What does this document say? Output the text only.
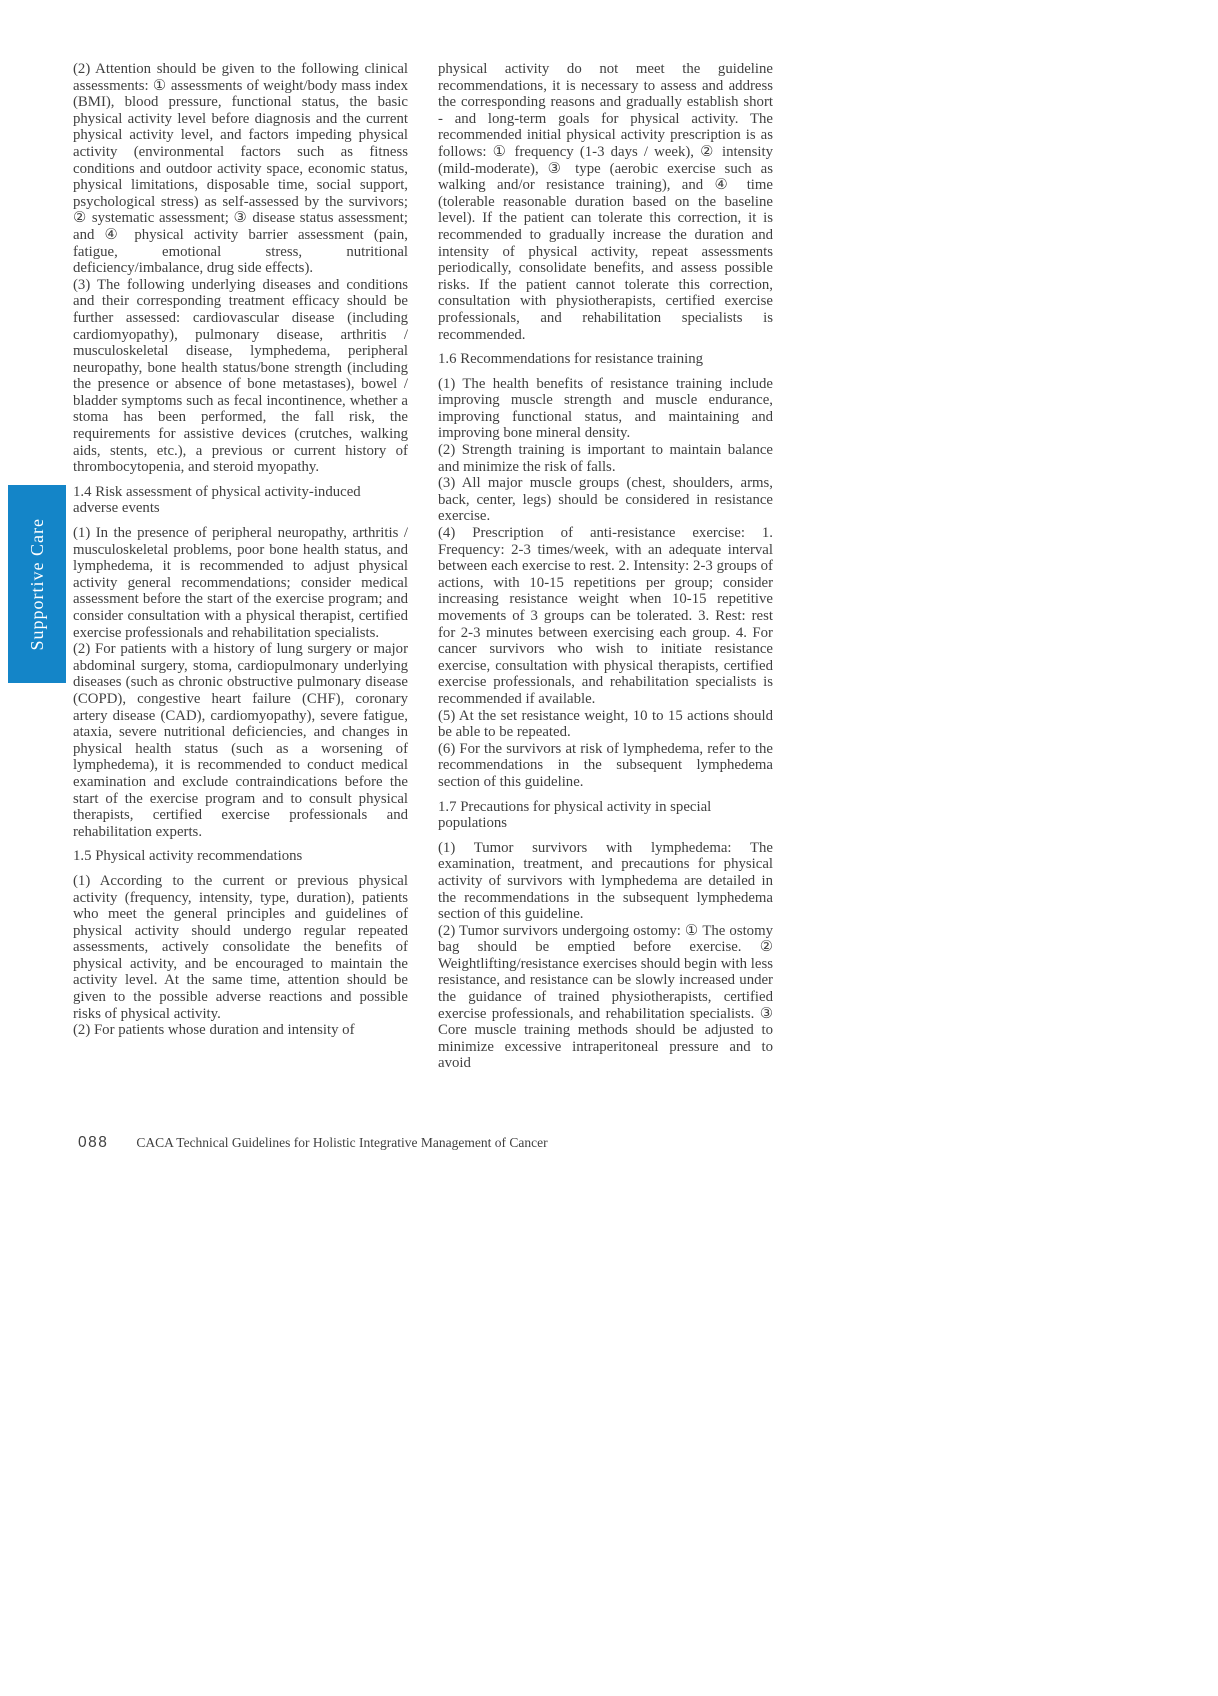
Supportive Care
(2) Attention should be given to the following clinical assessments: ① assessments of weight/body mass index (BMI), blood pressure, functional status, the basic physical activity level before diagnosis and the current physical activity level, and factors impeding physical activity (environmental factors such as fitness conditions and outdoor activity space, economic status, physical limitations, disposable time, social support, psychological stress) as self-assessed by the survivors; ② systematic assessment; ③ disease status assessment; and ④ physical activity barrier assessment (pain, fatigue, emotional stress, nutritional deficiency/imbalance, drug side effects).
(3) The following underlying diseases and conditions and their corresponding treatment efficacy should be further assessed: cardiovascular disease (including cardiomyopathy), pulmonary disease, arthritis / musculoskeletal disease, lymphedema, peripheral neuropathy, bone health status/bone strength (including the presence or absence of bone metastases), bowel / bladder symptoms such as fecal incontinence, whether a stoma has been performed, the fall risk, the requirements for assistive devices (crutches, walking aids, stents, etc.), a previous or current history of thrombocytopenia, and steroid myopathy.
1.4 Risk assessment of physical activity-induced adverse events
(1) In the presence of peripheral neuropathy, arthritis / musculoskeletal problems, poor bone health status, and lymphedema, it is recommended to adjust physical activity general recommendations; consider medical assessment before the start of the exercise program; and consider consultation with a physical therapist, certified exercise professionals and rehabilitation specialists.
(2) For patients with a history of lung surgery or major abdominal surgery, stoma, cardiopulmonary underlying diseases (such as chronic obstructive pulmonary disease (COPD), congestive heart failure (CHF), coronary artery disease (CAD), cardiomyopathy), severe fatigue, ataxia, severe nutritional deficiencies, and changes in physical health status (such as a worsening of lymphedema), it is recommended to conduct medical examination and exclude contraindications before the start of the exercise program and to consult physical therapists, certified exercise professionals and rehabilitation experts.
1.5 Physical activity recommendations
(1) According to the current or previous physical activity (frequency, intensity, type, duration), patients who meet the general principles and guidelines of physical activity should undergo regular repeated assessments, actively consolidate the benefits of physical activity, and be encouraged to maintain the activity level. At the same time, attention should be given to the possible adverse reactions and possible risks of physical activity.
(2) For patients whose duration and intensity of
physical activity do not meet the guideline recommendations, it is necessary to assess and address the corresponding reasons and gradually establish short - and long-term goals for physical activity. The recommended initial physical activity prescription is as follows: ① frequency (1-3 days / week), ② intensity (mild-moderate), ③ type (aerobic exercise such as walking and/or resistance training), and ④ time (tolerable reasonable duration based on the baseline level). If the patient can tolerate this correction, it is recommended to gradually increase the duration and intensity of physical activity, repeat assessments periodically, consolidate benefits, and assess possible risks. If the patient cannot tolerate this correction, consultation with physiotherapists, certified exercise professionals, and rehabilitation specialists is recommended.
1.6 Recommendations for resistance training
(1) The health benefits of resistance training include improving muscle strength and muscle endurance, improving functional status, and maintaining and improving bone mineral density.
(2) Strength training is important to maintain balance and minimize the risk of falls.
(3) All major muscle groups (chest, shoulders, arms, back, center, legs) should be considered in resistance exercise.
(4) Prescription of anti-resistance exercise: 1. Frequency: 2-3 times/week, with an adequate interval between each exercise to rest. 2. Intensity: 2-3 groups of actions, with 10-15 repetitions per group; consider increasing resistance weight when 10-15 repetitive movements of 3 groups can be tolerated. 3. Rest: rest for 2-3 minutes between exercising each group. 4. For cancer survivors who wish to initiate resistance exercise, consultation with physical therapists, certified exercise professionals, and rehabilitation specialists is recommended if available.
(5) At the set resistance weight, 10 to 15 actions should be able to be repeated.
(6) For the survivors at risk of lymphedema, refer to the recommendations in the subsequent lymphedema section of this guideline.
1.7 Precautions for physical activity in special populations
(1) Tumor survivors with lymphedema: The examination, treatment, and precautions for physical activity of survivors with lymphedema are detailed in the recommendations in the subsequent lymphedema section of this guideline.
(2) Tumor survivors undergoing ostomy: ① The ostomy bag should be emptied before exercise. ② Weightlifting/resistance exercises should begin with less resistance, and resistance can be slowly increased under the guidance of trained physiotherapists, certified exercise professionals, and rehabilitation specialists. ③ Core muscle training methods should be adjusted to minimize excessive intraperitoneal pressure and to avoid
088 CACA Technical Guidelines for Holistic Integrative Management of Cancer
